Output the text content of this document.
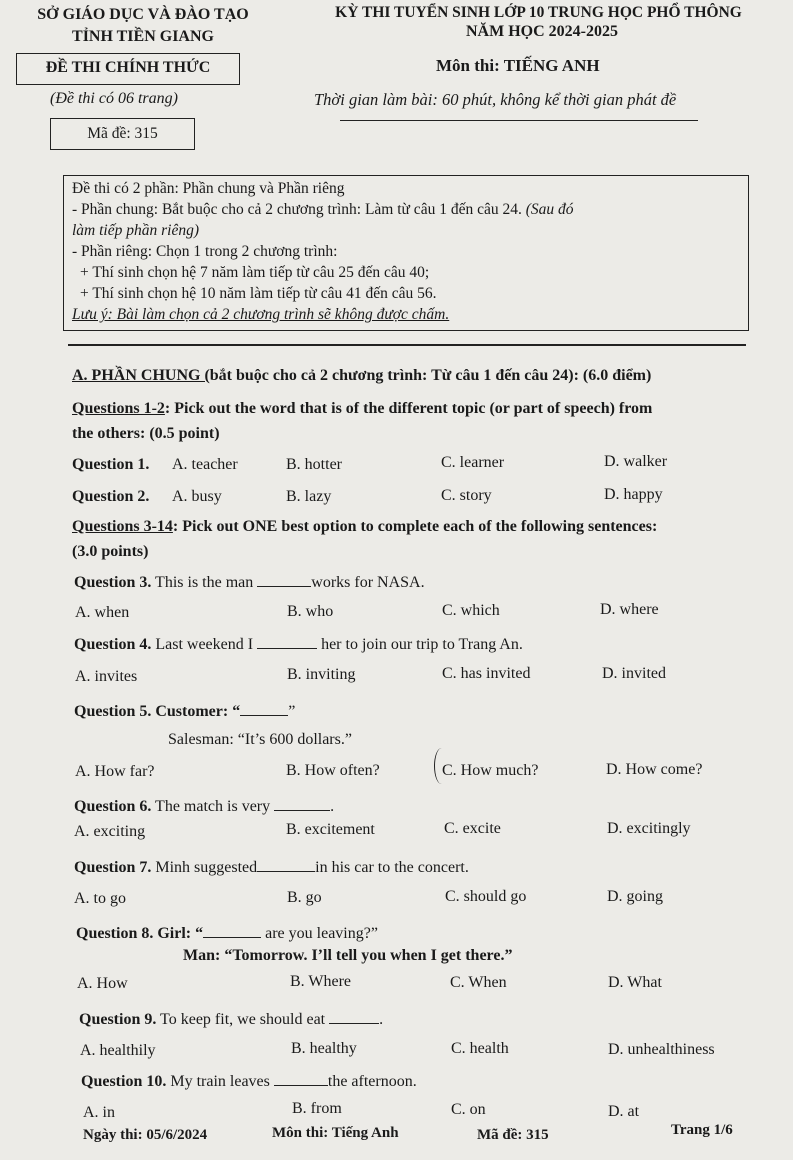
SỞ GIÁO DỤC VÀ ĐÀO TẠO
TỈNH TIỀN GIANG
KỲ THI TUYỂN SINH LỚP 10 TRUNG HỌC PHỔ THÔNG
NĂM HỌC 2024-2025
ĐỀ THI CHÍNH THỨC	Môn thi: TIẾNG ANH
(Đề thi có 06 trang)	Thời gian làm bài: 60 phút, không kể thời gian phát đề
Mã đề: 315
Đề thi có 2 phần: Phần chung và Phần riêng
- Phần chung: Bắt buộc cho cả 2 chương trình: Làm từ câu 1 đến câu 24. (Sau đó
làm tiếp phần riêng)
- Phần riêng: Chọn 1 trong 2 chương trình:
+ Thí sinh chọn hệ 7 năm làm tiếp từ câu 25 đến câu 40;
+ Thí sinh chọn hệ 10 năm làm tiếp từ câu 41 đến câu 56.
Lưu ý: Bài làm chọn cả 2 chương trình sẽ không được chấm.
A. PHẦN CHUNG (bắt buộc cho cả 2 chương trình: Từ câu 1 đến câu 24): (6.0 điểm)
Questions 1-2: Pick out the word that is of the different topic (or part of speech) from
the others: (0.5 point)
Question 1. A. teacher	B. hotter	C. learner	D. walker
Question 2. A. busy	B. lazy	C. story	D. happy
Questions 3-14: Pick out ONE best option to complete each of the following sentences:
(3.0 points)
Question 3. This is the man	works for NASA.
A. when	B. who	C. which	D. where
Question 4. Last weekend I	her to join our trip to Trang An.
A. invites	B. inviting	C. has invited	D. invited
Question 5. Customer: “	”
Salesman: “It’s 600 dollars.”
A. How far?	B. How often?	C. How much?	D. How come?
Question 6. The match is very	.
A. exciting	B. excitement	C. excite	D. excitingly
Question 7. Minh suggested	in his car to the concert.
A. to go	B. go	C. should go	D. going
Question 8. Girl: “	are you leaving?”
Man: “Tomorrow. I’ll tell you when I get there.”
A. How	B. Where	C. When	D. What
Question 9. To keep fit, we should eat	.
A. healthily	B. healthy	C. health	D. unhealthiness
Question 10. My train leaves	the afternoon.
A. in	B. from	C. on	D. at
Ngày thi: 05/6/2024	Môn thi: Tiếng Anh	Mã đề: 315	Trang 1/6
